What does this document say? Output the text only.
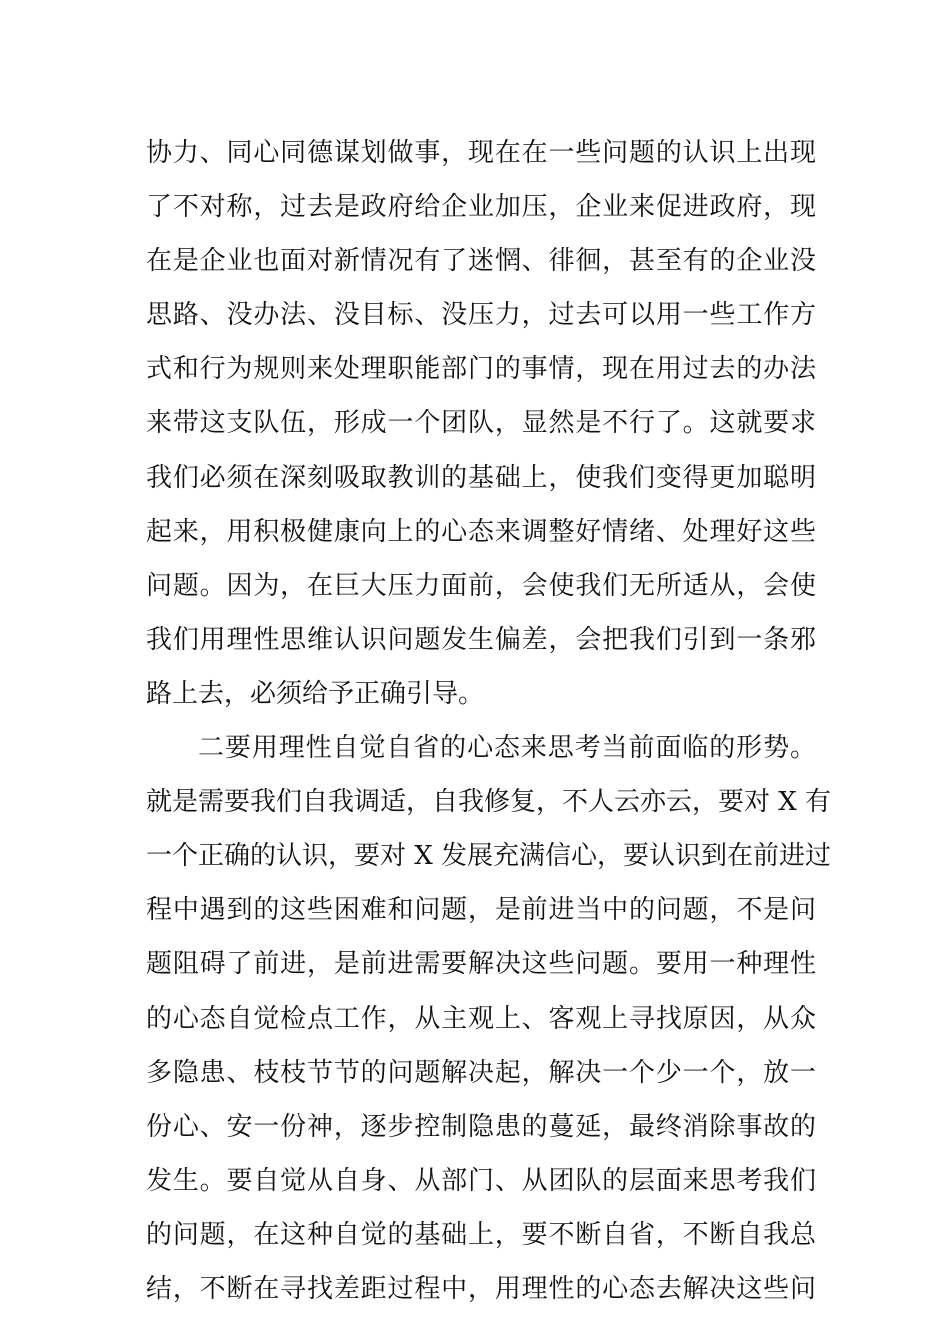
协力、同心同德谋划做事，现在在一些问题的认识上出现
了不对称，过去是政府给企业加压，企业来促进政府，现
在是企业也面对新情况有了迷惘、徘徊，甚至有的企业没
思路、没办法、没目标、没压力，过去可以用一些工作方
式和行为规则来处理职能部门的事情，现在用过去的办法
来带这支队伍，形成一个团队，显然是不行了。这就要求
我们必须在深刻吸取教训的基础上，使我们变得更加聪明
起来，用积极健康向上的心态来调整好情绪、处理好这些
问题。因为，在巨大压力面前，会使我们无所适从，会使
我们用理性思维认识问题发生偏差，会把我们引到一条邪
路上去，必须给予正确引导。
二要用理性自觉自省的心态来思考当前面临的形势。
就是需要我们自我调适，自我修复，不人云亦云，要对 X 有
一个正确的认识，要对 X 发展充满信心，要认识到在前进过
程中遇到的这些困难和问题，是前进当中的问题，不是问
题阻碍了前进，是前进需要解决这些问题。要用一种理性
的心态自觉检点工作，从主观上、客观上寻找原因，从众
多隐患、枝枝节节的问题解决起，解决一个少一个，放一
份心、安一份神，逐步控制隐患的蔓延，最终消除事故的
发生。要自觉从自身、从部门、从团队的层面来思考我们
的问题，在这种自觉的基础上，要不断自省，不断自我总
结，不断在寻找差距过程中，用理性的心态去解决这些问
